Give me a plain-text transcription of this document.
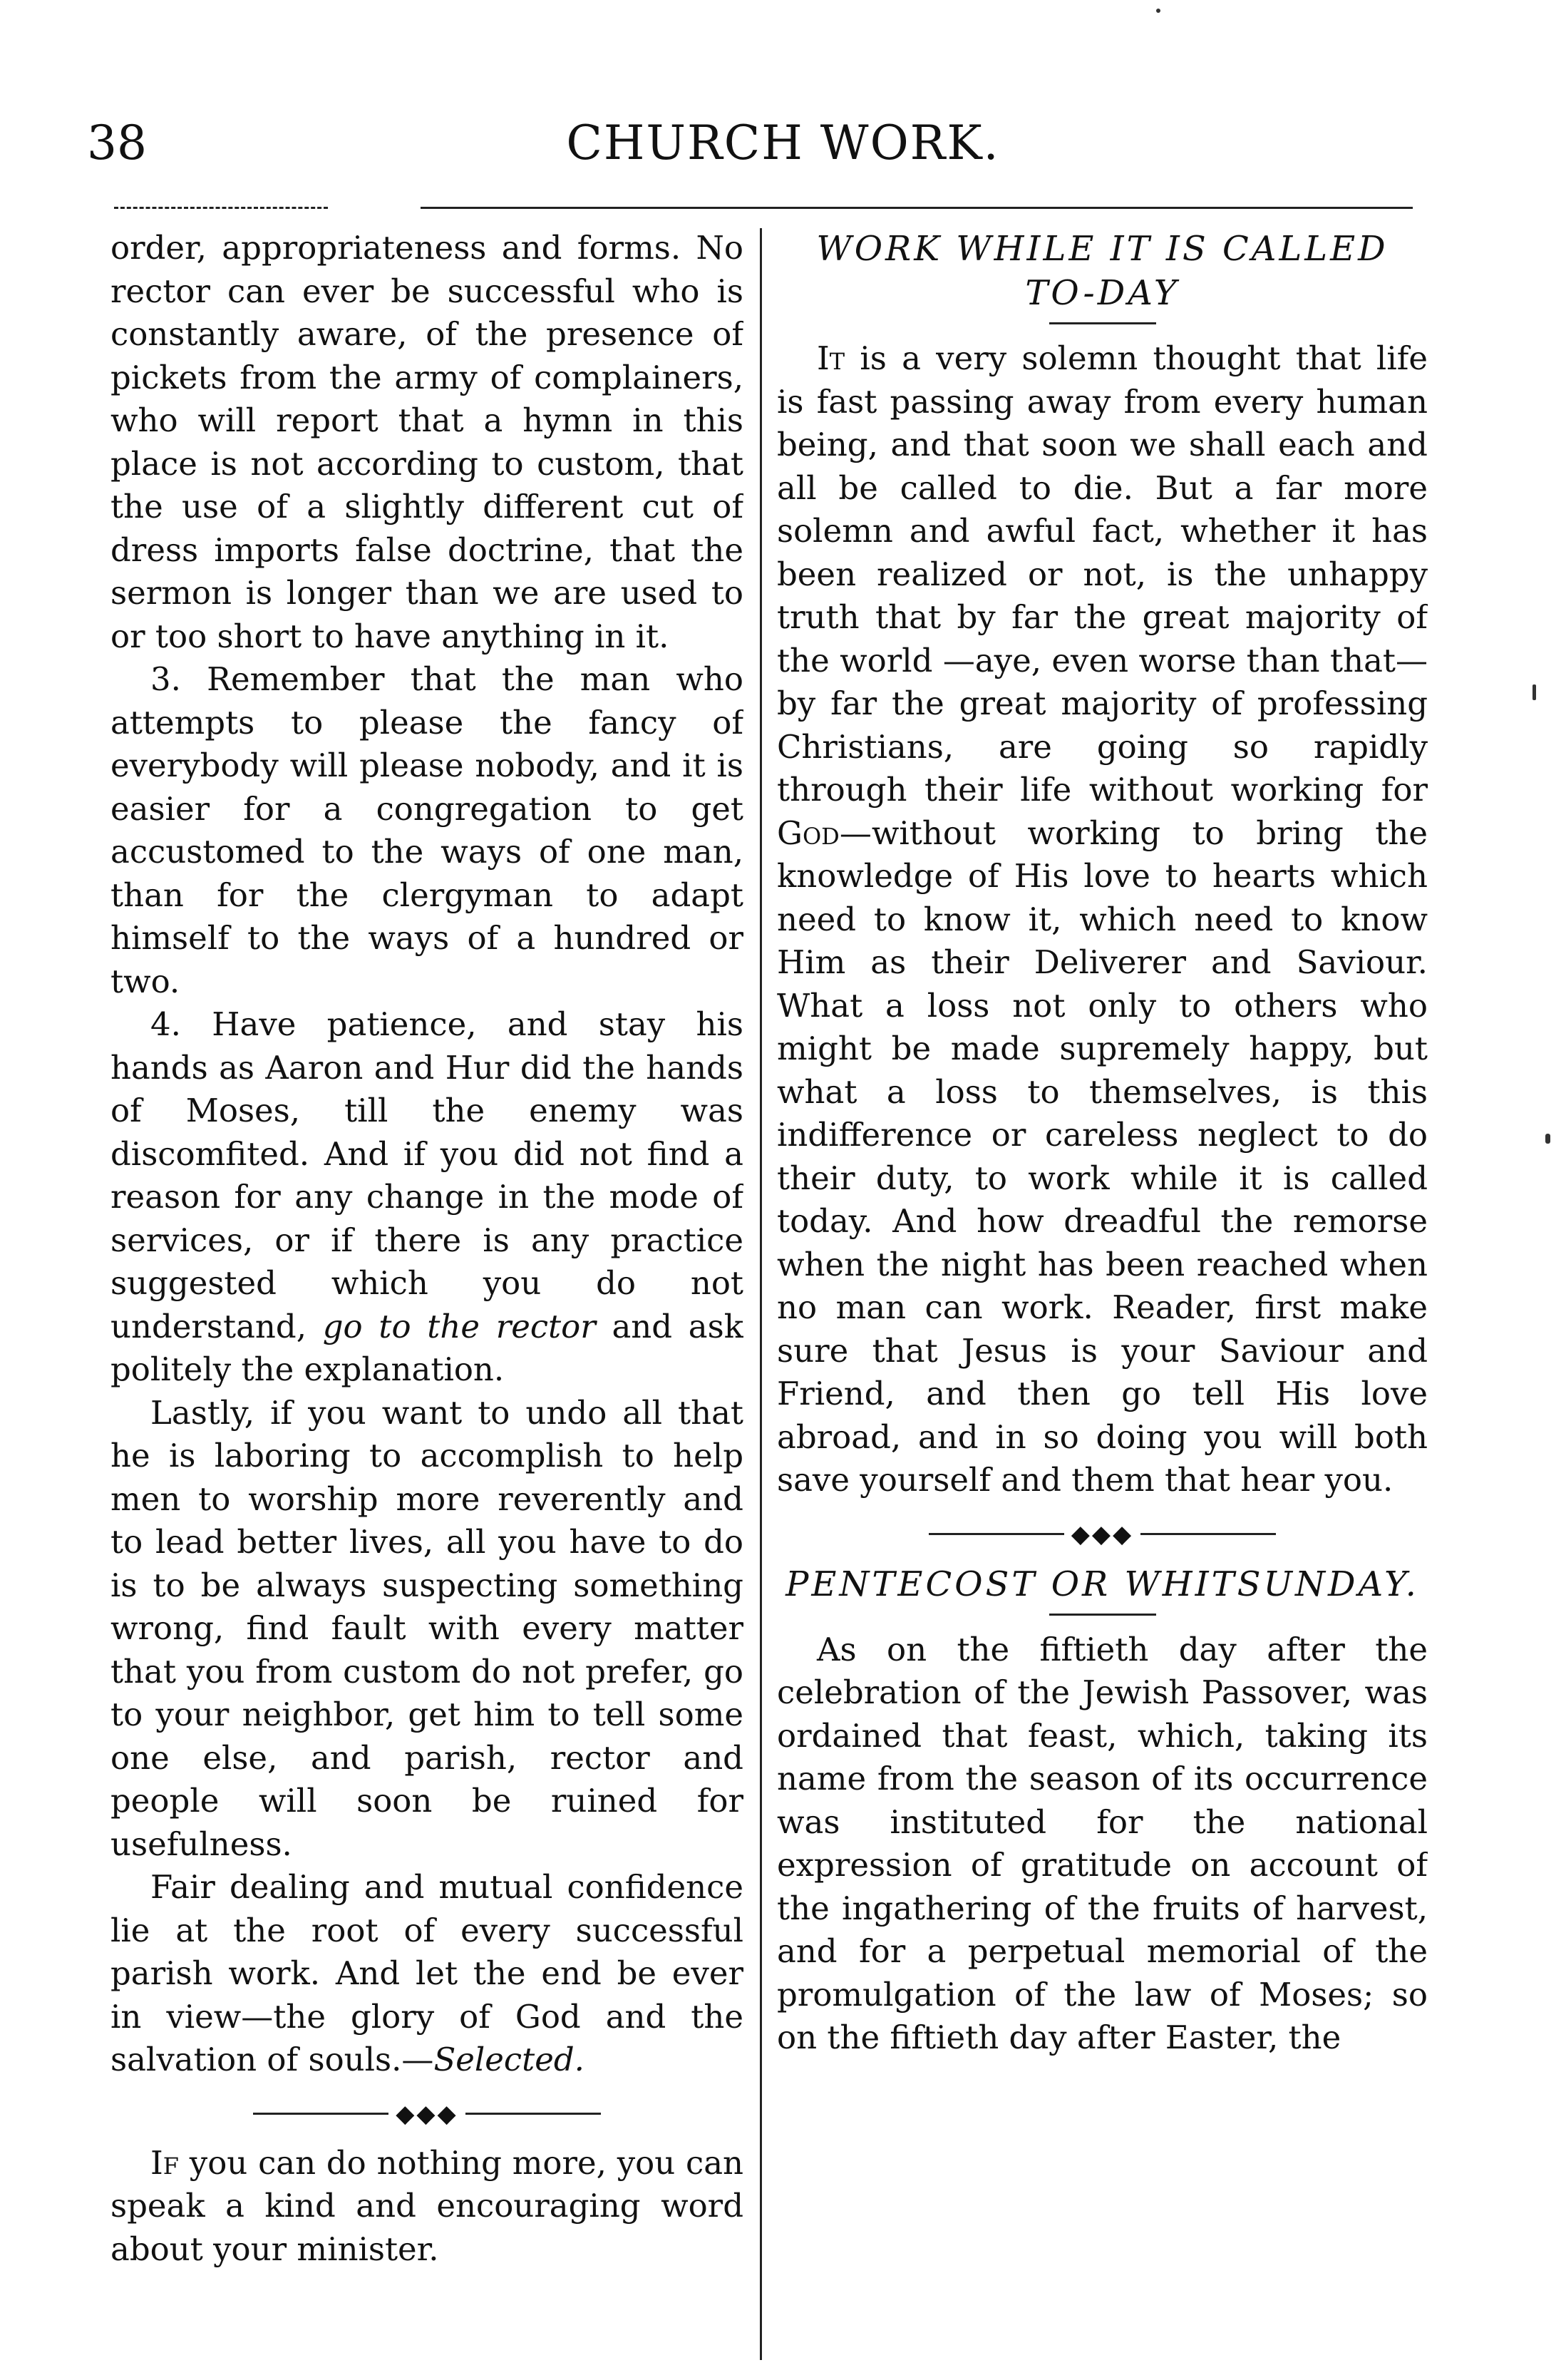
38	CHURCH WORK.

order, appropriateness and forms. No rector can ever be successful who is constantly aware, of the presence of pickets from the army of complainers, who will report that a hymn in this place is not according to custom, that the use of a slightly different cut of dress imports false doctrine, that the sermon is longer than we are used to or too short to have anything in it.

3. Remember that the man who attempts to please the fancy of everybody will please nobody, and it is easier for a congregation to get accustomed to the ways of one man, than for the clergyman to adapt himself to the ways of a hundred or two.

4. Have patience, and stay his hands as Aaron and Hur did the hands of Moses, till the enemy was discomfited. And if you did not find a reason for any change in the mode of services, or if there is any practice suggested which you do not understand, go to the rector and ask politely the explanation.

Lastly, if you want to undo all that he is laboring to accomplish to help men to worship more reverently and to lead better lives, all you have to do is to be always suspecting something wrong, find fault with every matter that you from custom do not prefer, go to your neighbor, get him to tell some one else, and parish, rector and people will soon be ruined for usefulness.

Fair dealing and mutual confidence lie at the root of every successful parish work. And let the end be ever in view—the glory of God and the salvation of souls.—Selected.

◆◆◆

If you can do nothing more, you can speak a kind and encouraging word about your minister.

WORK WHILE IT IS CALLED TO-DAY

It is a very solemn thought that life is fast passing away from every human being, and that soon we shall each and all be called to die. But a far more solemn and awful fact, whether it has been realized or not, is the unhappy truth that by far the great majority of the world —aye, even worse than that—by far the great majority of professing Christians, are going so rapidly through their life without working for God—without working to bring the knowledge of His love to hearts which need to know it, which need to know Him as their Deliverer and Saviour. What a loss not only to others who might be made supremely happy, but what a loss to themselves, is this indifference or careless neglect to do their duty, to work while it is called today. And how dreadful the remorse when the night has been reached when no man can work. Reader, first make sure that Jesus is your Saviour and Friend, and then go tell His love abroad, and in so doing you will both save yourself and them that hear you.

◆◆◆
PENTECOST OR WHITSUNDAY.

As on the fiftieth day after the celebration of the Jewish Passover, was ordained that feast, which, taking its name from the season of its occurrence was instituted for the national expression of gratitude on account of the ingathering of the fruits of harvest, and for a perpetual memorial of the promulgation of the law of Moses; so on the fiftieth day after Easter, the
